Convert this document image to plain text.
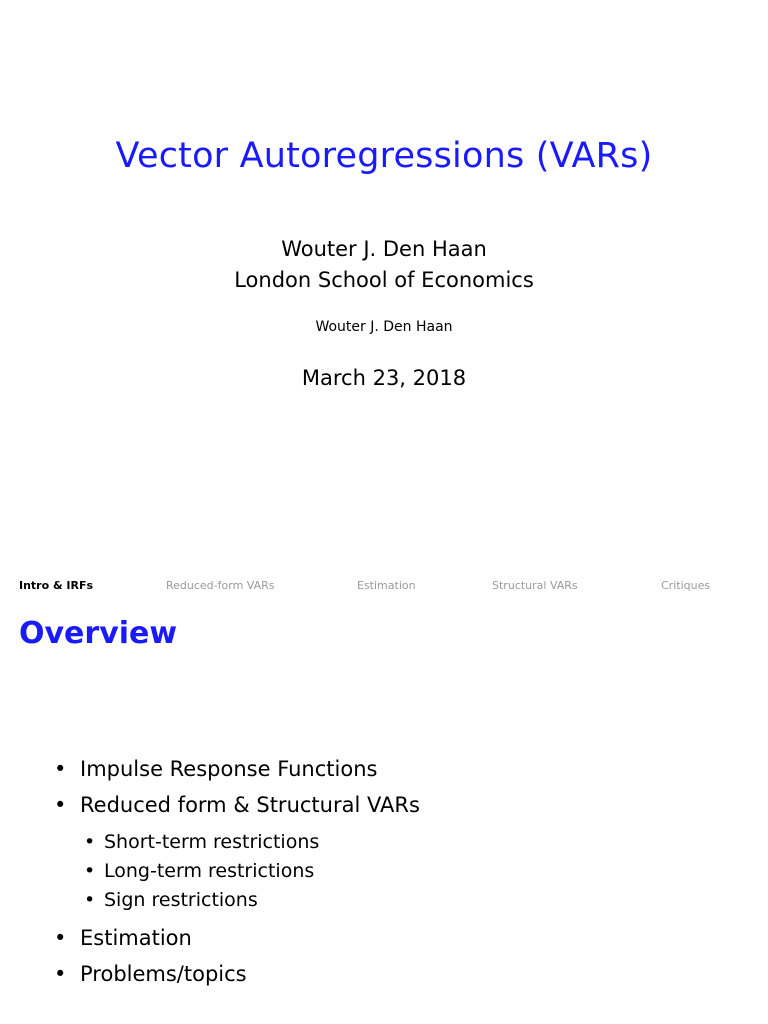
Vector Autoregressions (VARs)
Wouter J. Den Haan
London School of Economics
Wouter J. Den Haan
March 23, 2018
Intro & IRFs	Reduced-form VARs	Estimation	Structural VARs	Critiques
Overview
• Impulse Response Functions
• Reduced form & Structural VARs
• Short-term restrictions
• Long-term restrictions
• Sign restrictions
• Estimation
• Problems/topics
